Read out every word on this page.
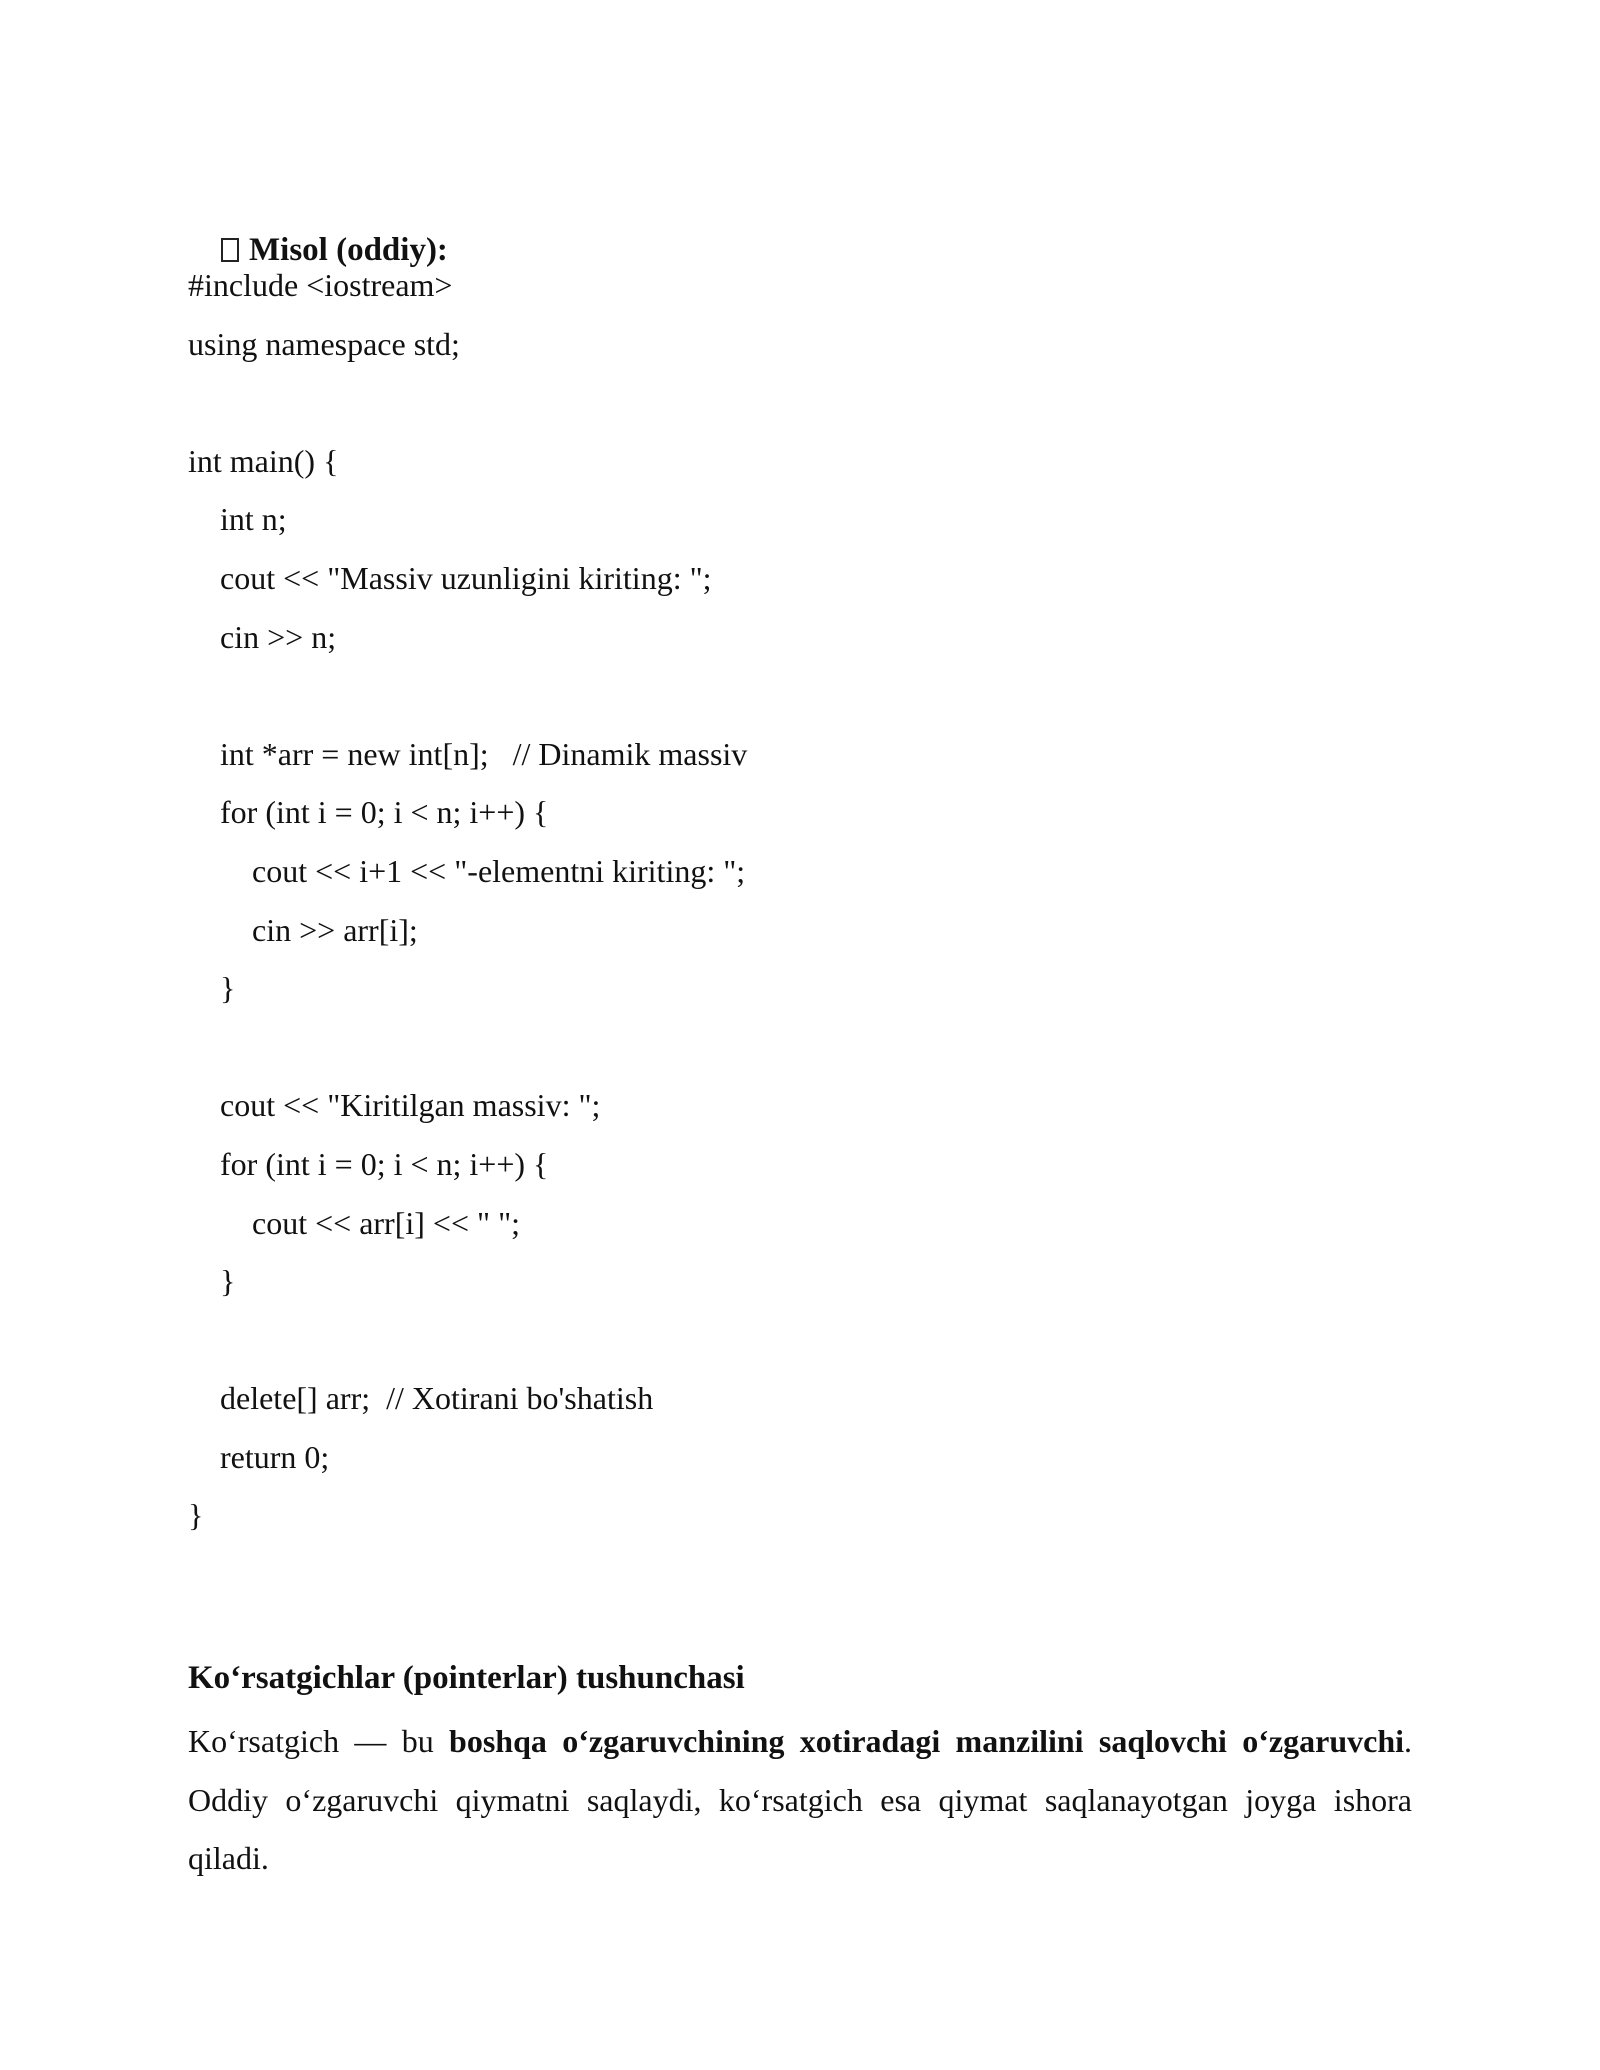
Misol (oddiy):

#include <iostream>
using namespace std;
int main() {
int n;
cout << "Massiv uzunligini kiriting: ";
cin >> n;
int *arr = new int[n];   // Dinamik massiv
for (int i = 0; i < n; i++) {
cout << i+1 << "-elementni kiriting: ";
cin >> arr[i];
}
cout << "Kiritilgan massiv: ";
for (int i = 0; i < n; i++) {
cout << arr[i] << " ";
}
delete[] arr;  // Xotirani bo'shatish
return 0;
}
Koʻrsatgichlar (pointerlar) tushunchasi

Koʻrsatgich — bu boshqa oʻzgaruvchining xotiradagi manzilini saqlovchi oʻzgaruvchi. Oddiy oʻzgaruvchi qiymatni saqlaydi, koʻrsatgich esa qiymat saqlanayotgan joyga ishora qiladi.
